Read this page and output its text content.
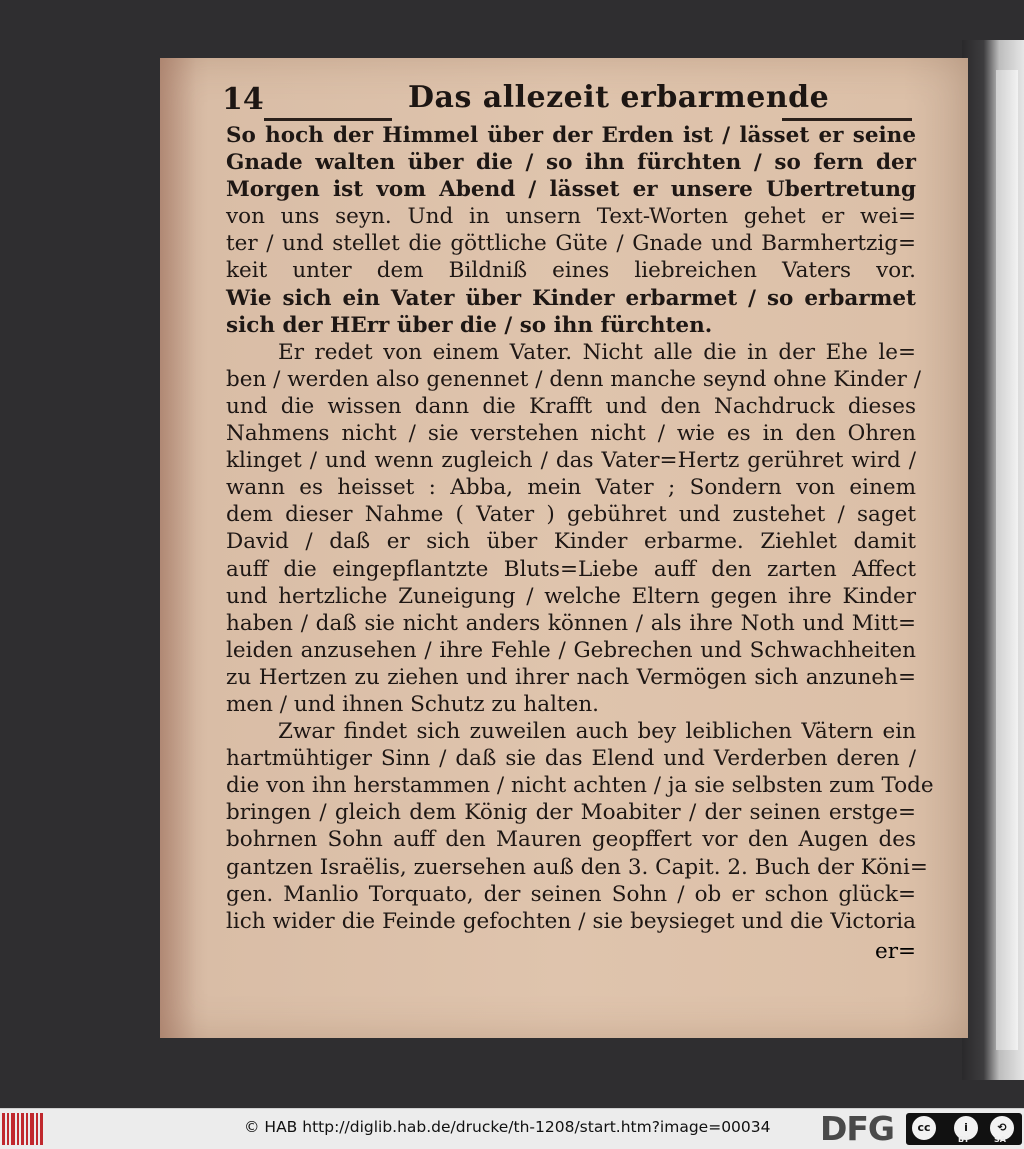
14	Das allezeit erbarmende
So hoch der Himmel über der Erden ist / lässet er seine
Gnade walten über die / so ihn fürchten / so fern der
Morgen ist vom Abend / lässet er unsere Ubertretung
von uns seyn. Und in unsern Text-Worten gehet er wei=
ter / und stellet die göttliche Güte / Gnade und Barmhertzig=
keit unter dem Bildniß eines liebreichen Vaters vor.
Wie sich ein Vater über Kinder erbarmet / so erbarmet
sich der HErr über die / so ihn fürchten.
Er redet von einem Vater. Nicht alle die in der Ehe le=
ben / werden also genennet / denn manche seynd ohne Kinder /
und die wissen dann die Krafft und den Nachdruck dieses
Nahmens nicht / sie verstehen nicht / wie es in den Ohren
klinget / und wenn zugleich / das Vater=Hertz gerühret wird /
wann es heisset : Abba, mein Vater ; Sondern von einem
dem dieser Nahme ( Vater ) gebühret und zustehet / saget
David / daß er sich über Kinder erbarme. Ziehlet damit
auff die eingepflantzte Bluts=Liebe auff den zarten Affect
und hertzliche Zuneigung / welche Eltern gegen ihre Kinder
haben / daß sie nicht anders können / als ihre Noth und Mitt=
leiden anzusehen / ihre Fehle / Gebrechen und Schwachheiten
zu Hertzen zu ziehen und ihrer nach Vermögen sich anzuneh=
men / und ihnen Schutz zu halten.
Zwar findet sich zuweilen auch bey leiblichen Vätern ein
hartmühtiger Sinn / daß sie das Elend und Verderben deren /
die von ihn herstammen / nicht achten / ja sie selbsten zum Tode
bringen / gleich dem König der Moabiter / der seinen erstge=
bohrnen Sohn auff den Mauren geopffert vor den Augen des
gantzen Israëlis, zuersehen auß den 3. Capit. 2. Buch der Köni=
gen. Manlio Torquato, der seinen Sohn / ob er schon glück=
lich wider die Feinde gefochten / sie beysieget und die Victoria
er=
© HAB http://diglib.hab.de/drucke/th-1208/start.htm?image=00034 DFG	cc	i	⟲
BY	SA
